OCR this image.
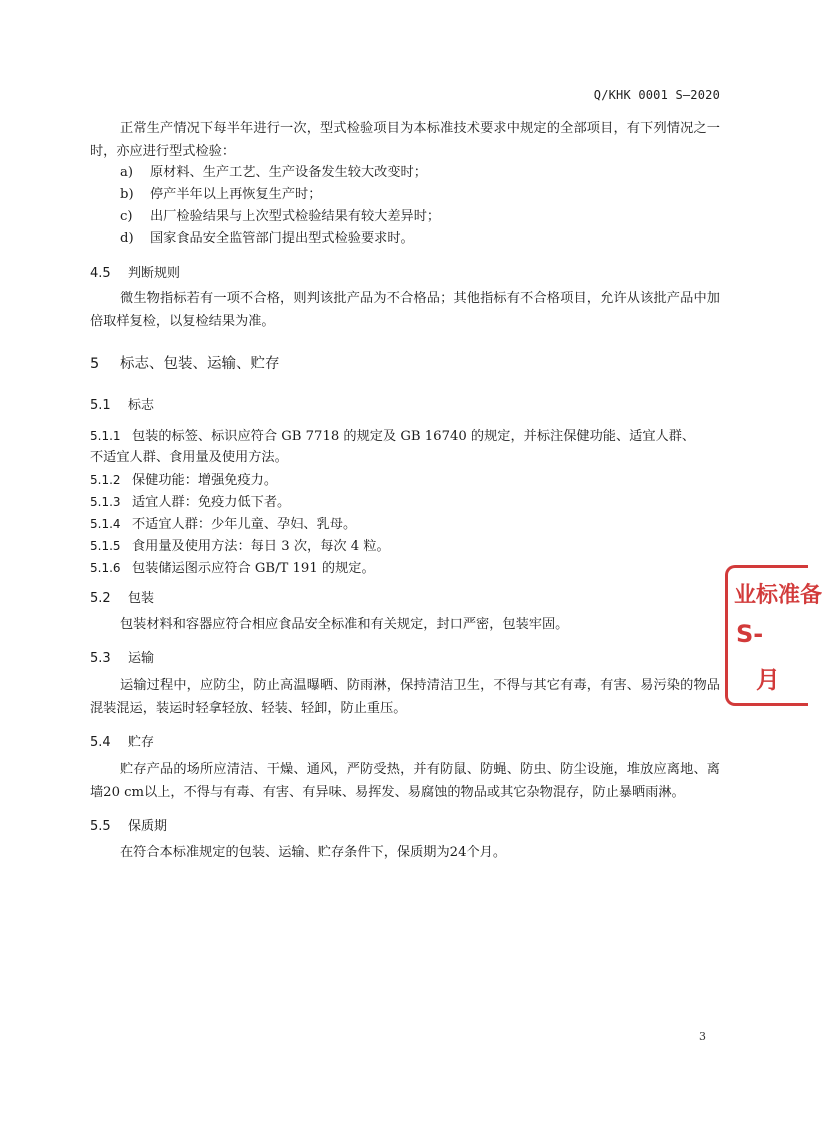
Q/KHK 0001 S—2020

正常生产情况下每半年进行一次，型式检验项目为本标准技术要求中规定的全部项目，有下列情况之一时，亦应进行型式检验：

a) 原材料、生产工艺、生产设备发生较大改变时；
b) 停产半年以上再恢复生产时；
c) 出厂检验结果与上次型式检验结果有较大差异时；
d) 国家食品安全监管部门提出型式检验要求时。
4.5 判断规则

微生物指标若有一项不合格，则判该批产品为不合格品；其他指标有不合格项目，允许从该批产品中加倍取样复检，以复检结果为准。

5 标志、包装、运输、贮存
5.1 标志
5.1.1 包装的标签、标识应符合 GB 7718 的规定及 GB 16740 的规定，并标注保健功能、适宜人群、
不适宜人群、食用量及使用方法。
5.1.2 保健功能：增强免疫力。
5.1.3 适宜人群：免疫力低下者。
5.1.4 不适宜人群：少年儿童、孕妇、乳母。
5.1.5 食用量及使用方法：每日 3 次，每次 4 粒。
5.1.6 包装储运图示应符合 GB/T 191 的规定。
5.2 包装

包装材料和容器应符合相应食品安全标准和有关规定，封口严密，包装牢固。

5.3 运输

运输过程中，应防尘，防止高温曝晒、防雨淋，保持清洁卫生，不得与其它有毒，有害、易污染的物品混装混运，装运时轻拿轻放、轻装、轻卸，防止重压。

5.4 贮存

贮存产品的场所应清洁、干燥、通风，严防受热，并有防鼠、防蝇、防虫、防尘设施，堆放应离地、离墙20 cm以上，不得与有毒、有害、有异味、易挥发、易腐蚀的物品或其它杂物混存，防止暴晒雨淋。

5.5 保质期

在符合本标准规定的包装、运输、贮存条件下，保质期为24个月。

业标准备
S-
月
3
